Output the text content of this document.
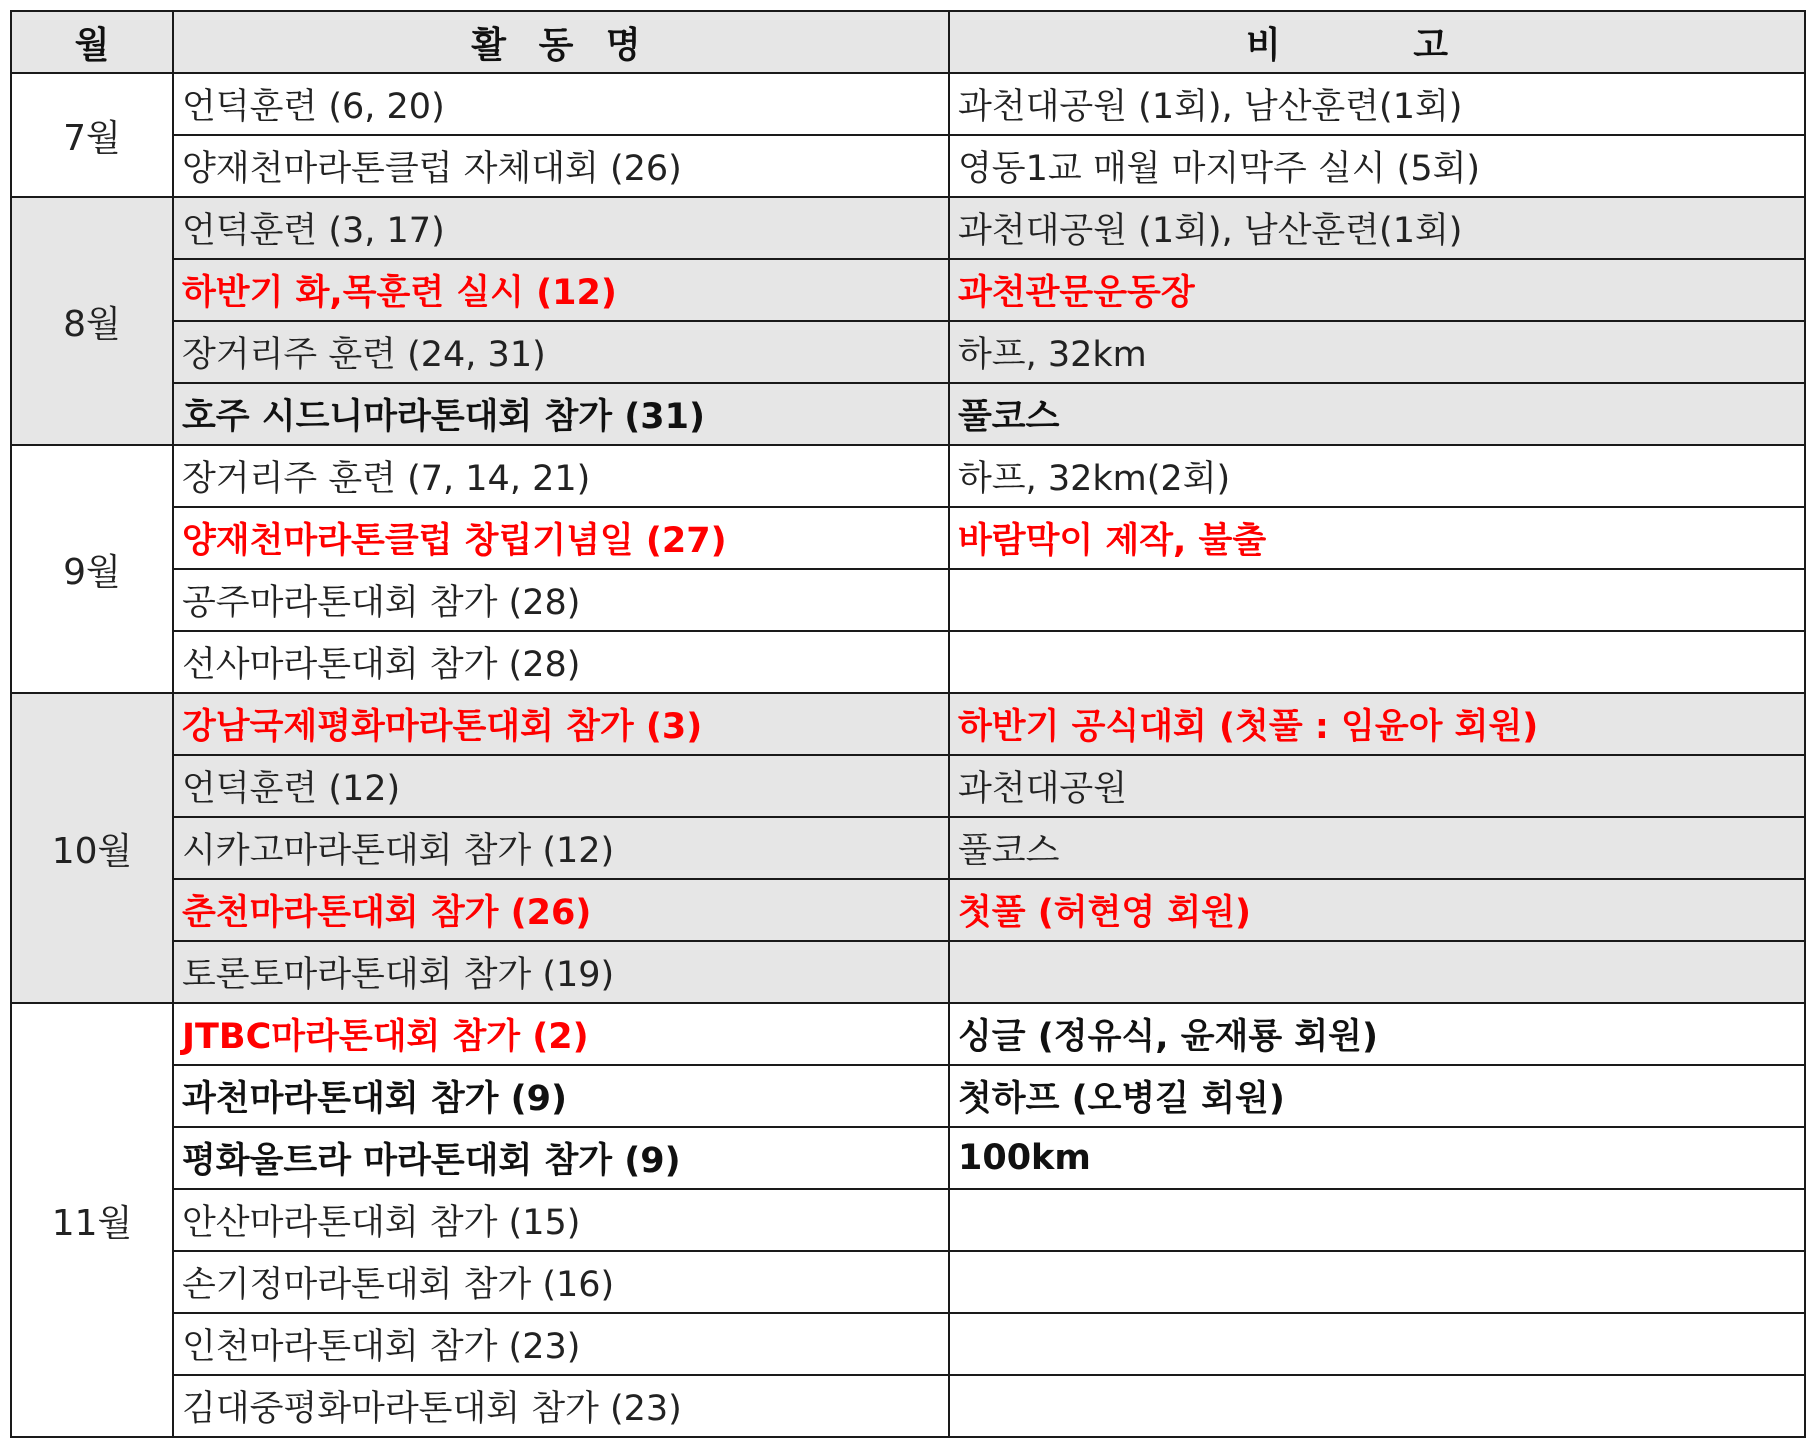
월	활 동 명	비 고
7월	언덕훈련 (6, 20)	과천대공원 (1회), 남산훈련(1회)
	양재천마라톤클럽 자체대회 (26)	영동1교 매월 마지막주 실시 (5회)
8월	언덕훈련 (3, 17)	과천대공원 (1회), 남산훈련(1회)
	하반기 화,목훈련 실시 (12)	과천관문운동장
	장거리주 훈련 (24, 31)	하프, 32km
	호주 시드니마라톤대회 참가 (31)	풀코스
9월	장거리주 훈련 (7, 14, 21)	하프, 32km(2회)
	양재천마라톤클럽 창립기념일 (27)	바람막이 제작, 불출
	공주마라톤대회 참가 (28)	
	선사마라톤대회 참가 (28)	
10월	강남국제평화마라톤대회 참가 (3)	하반기 공식대회 (첫풀 : 임윤아 회원)
	언덕훈련 (12)	과천대공원
	시카고마라톤대회 참가 (12)	풀코스
	춘천마라톤대회 참가 (26)	첫풀 (허현영 회원)
	토론토마라톤대회 참가 (19)	
11월	JTBC마라톤대회 참가 (2)	싱글 (정유식, 윤재룡 회원)
	과천마라톤대회 참가 (9)	첫하프 (오병길 회원)
	평화울트라 마라톤대회 참가 (9)	100km
	안산마라톤대회 참가 (15)	
	손기정마라톤대회 참가 (16)	
	인천마라톤대회 참가 (23)	
	김대중평화마라톤대회 참가 (23)	
